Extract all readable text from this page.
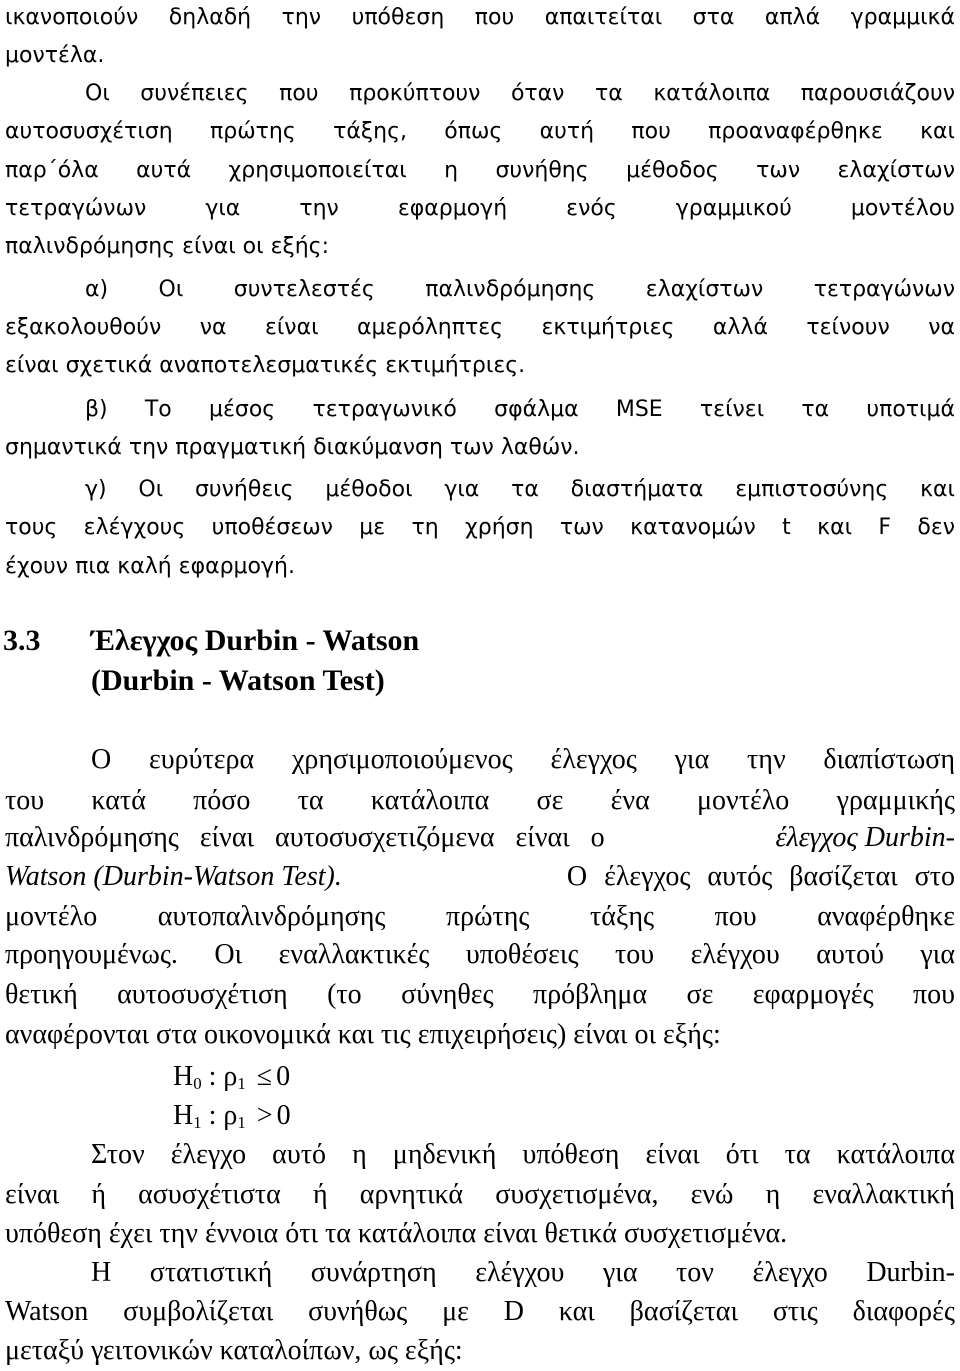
ικανοποιούν δηλαδή την υπόθεση που απαιτείται στα απλά γραμμικά
μοντέλα.
Οι συνέπειες που προκύπτουν όταν τα κατάλοιπα παρουσιάζουν
αυτοσυσχέτιση πρώτης τάξης, όπως αυτή που προαναφέρθηκε και
παρ΄όλα αυτά χρησιμοποιείται η συνήθης μέθοδος των ελαχίστων
τετραγώνων για την εφαρμογή ενός γραμμικού μοντέλου
παλινδρόμησης είναι οι εξής:
α) Οι συντελεστές παλινδρόμησης ελαχίστων τετραγώνων
εξακολουθούν να είναι αμερόληπτες εκτιμήτριες αλλά τείνουν να
είναι σχετικά αναποτελεσματικές εκτιμήτριες.
β) Το μέσος τετραγωνικό σφάλμα MSE τείνει τα υποτιμά
σημαντικά την πραγματική διακύμανση των λαθών.
γ) Οι συνήθεις μέθοδοι για τα διαστήματα εμπιστοσύνης και
τους ελέγχους υποθέσεων με τη χρήση των κατανομών t και F δεν
έχουν πια καλή εφαρμογή.
3.3	Έλεγχος Durbin - Watson
(Durbin - Watson Test)
Ο ευρύτερα χρησιμοποιούμενος έλεγχος για την διαπίστωση
του κατά πόσο τα κατάλοιπα σε ένα μοντέλο γραμμικής
παλινδρόμησης είναι αυτοσυσχετιζόμενα είναι ο	έλεγχος Durbin-
Watson (Durbin-Watson Test).	Ο έλεγχος αυτός βασίζεται στο
μοντέλο αυτοπαλινδρόμησης πρώτης τάξης που αναφέρθηκε
προηγουμένως. Οι εναλλακτικές υποθέσεις του ελέγχου αυτού για
θετική αυτοσυσχέτιση (το σύνηθες πρόβλημα σε εφαρμογές που
αναφέρονται στα οικονομικά και τις επιχειρήσεις) είναι οι εξής:
$H_0$ : $\rho_1 \le 0$
$H_1$ : $\rho_1 > 0$
Στον έλεγχο αυτό η μηδενική υπόθεση είναι ότι τα κατάλοιπα
είναι ή ασυσχέτιστα ή αρνητικά συσχετισμένα, ενώ η εναλλακτική
υπόθεση έχει την έννοια ότι τα κατάλοιπα είναι θετικά συσχετισμένα.
Η στατιστική συνάρτηση ελέγχου για τον έλεγχο Durbin-
Watson συμβολίζεται συνήθως με D και βασίζεται στις διαφορές
μεταξύ γειτονικών καταλοίπων, ως εξής:
